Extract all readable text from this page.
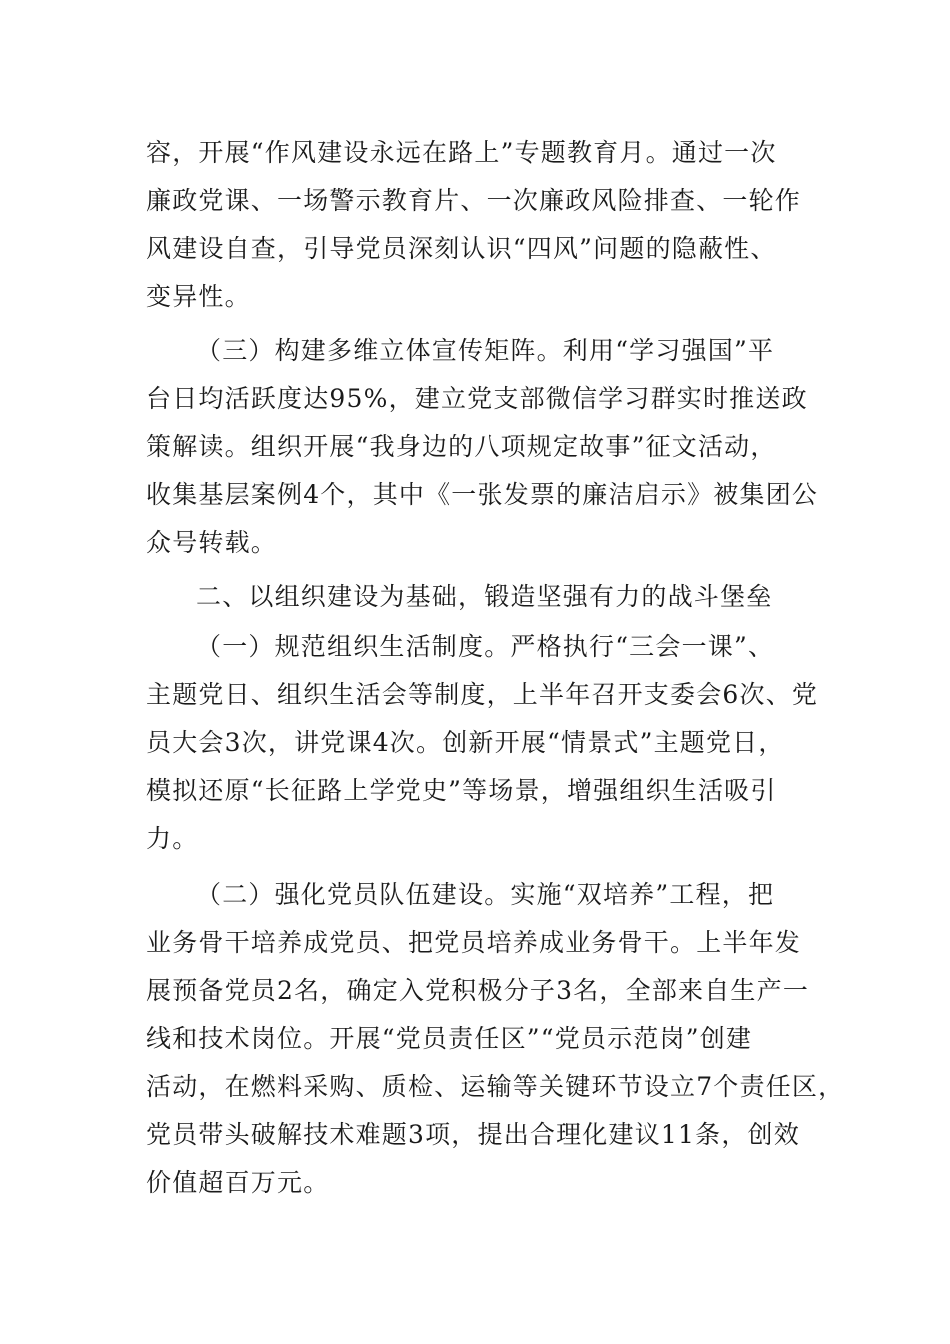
容，开展“作风建设永远在路上”专题教育月。通过一次
廉政党课、一场警示教育片、一次廉政风险排查、一轮作
风建设自查，引导党员深刻认识“四风”问题的隐蔽性、
变异性。
（三）构建多维立体宣传矩阵。利用“学习强国”平
台日均活跃度达95%，建立党支部微信学习群实时推送政
策解读。组织开展“我身边的八项规定故事”征文活动，
收集基层案例4个，其中《一张发票的廉洁启示》被集团公
众号转载。
二、以组织建设为基础，锻造坚强有力的战斗堡垒
（一）规范组织生活制度。严格执行“三会一课”、
主题党日、组织生活会等制度，上半年召开支委会6次、党
员大会3次，讲党课4次。创新开展“情景式”主题党日，
模拟还原“长征路上学党史”等场景，增强组织生活吸引
力。
（二）强化党员队伍建设。实施“双培养”工程，把
业务骨干培养成党员、把党员培养成业务骨干。上半年发
展预备党员2名，确定入党积极分子3名，全部来自生产一
线和技术岗位。开展“党员责任区”“党员示范岗”创建
活动，在燃料采购、质检、运输等关键环节设立7个责任区，
党员带头破解技术难题3项，提出合理化建议11条，创效
价值超百万元。
